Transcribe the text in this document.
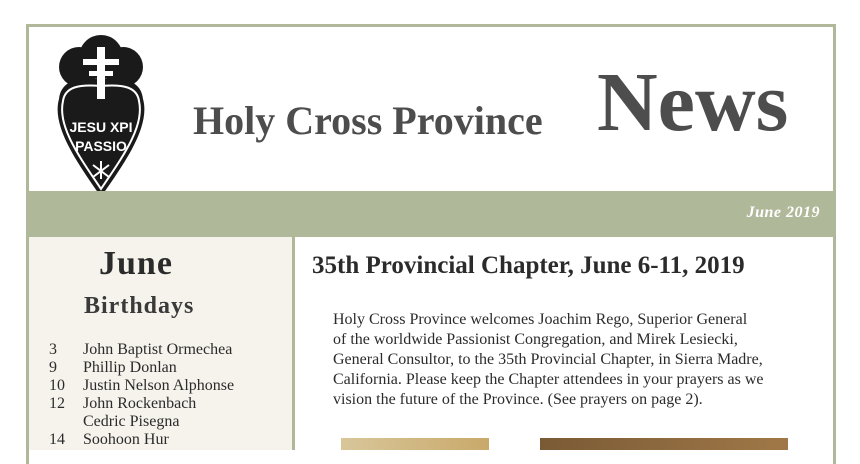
JESU XPI
PASSIO
Holy Cross Province News
June 2019
June
Birthdays
3	John Baptist Ormechea
9	Phillip Donlan
10	Justin Nelson Alphonse
12	John Rockenbach
Cedric Pisegna
14	Soohoon Hur
35th Provincial Chapter, June 6-11, 2019
Holy Cross Province welcomes Joachim Rego, Superior General
of the worldwide Passionist Congregation, and Mirek Lesiecki,
General Consultor, to the 35th Provincial Chapter, in Sierra Madre,
California. Please keep the Chapter attendees in your prayers as we
vision the future of the Province. (See prayers on page 2).
